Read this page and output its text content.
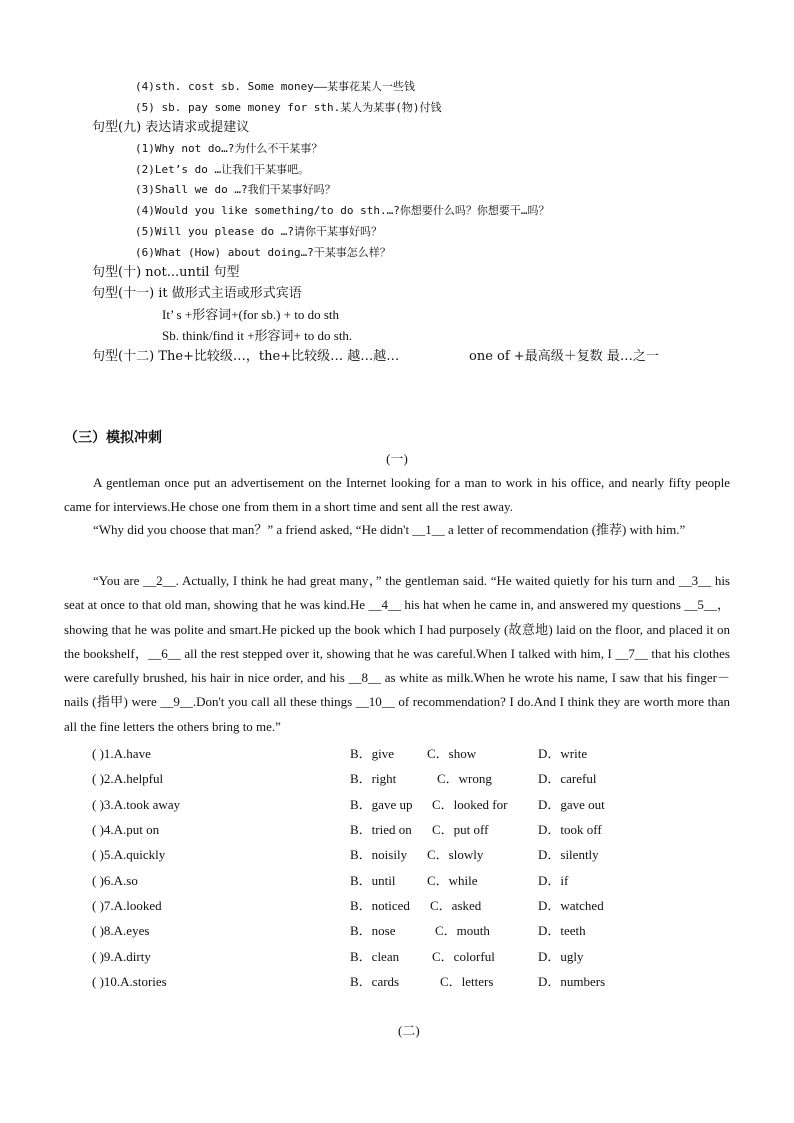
(4)sth. cost sb. Some money——某事花某人一些钱
(5) sb. pay some money for sth.某人为某事(物)付钱
句型(九) 表达请求或提建议
(1)Why not do…?为什么不干某事？
(2)Let’s do …让我们干某事吧。
(3)Shall we do …?我们干某事好吗？
(4)Would you like something/to do sth.…?你想要什么吗？你想要干…吗？
(5)Will you please do …?请你干某事好吗？
(6)What (How) about doing…?干某事怎么样？
句型(十) not...until 句型
句型(十一) it 做形式主语或形式宾语
It’ s +形容词+(for sb.) + to do sth
Sb. think/find it +形容词+ to do sth.
句型(十二) The+比较级…，the+比较级… 越…越…	one of +最高级＋复数 最…之一
（三）模拟冲刺
(一)
A gentleman once put an advertisement on the Internet looking for a man to work in his office, and nearly fifty people came for interviews.He chose one from them in a short time and sent all the rest away.
“Why did you choose that man？” a friend asked, “He didn't __1__ a letter of recommendation (推荐) with him.”
“You are __2__. Actually, I think he had great many，” the gentleman said. “He waited quietly for his turn and __3__ his seat at once to that old man, showing that he was kind.He __4__ his hat when he came in, and answered my questions __5__， showing that he was polite and smart.He picked up the book which I had purposely (故意地) laid on the floor, and placed it on the bookshelf，__6__ all the rest stepped over it, showing that he was careful.When I talked with him, I __7__ that his clothes were carefully brushed, his hair in nice order, and his __8__ as white as milk.When he wrote his name, I saw that his finger－nails (指甲) were __9__.Don't you call all these things __10__ of recommendation? I do.And I think they are worth more than all the fine letters the others bring to me.”
( )1.A.have	B．give	C．show	D．write
( )2.A.helpful	B．right	C．wrong	D．careful
( )3.A.took away	B．gave up C．looked for D．gave out
( )4.A.put on	B．tried on C．put off	D．took off
( )5.A.quickly	B．noisily C．slowly	D．silently
( )6.A.so	B．until C．while	D．if
( )7.A.looked	B．noticed C．asked	D．watched
( )8.A.eyes	B．nose	C．mouth	D．teeth
( )9.A.dirty	B．clean	C．colorful	D．ugly
( )10.A.stories	B．cards	C．letters	D．numbers
(二)
